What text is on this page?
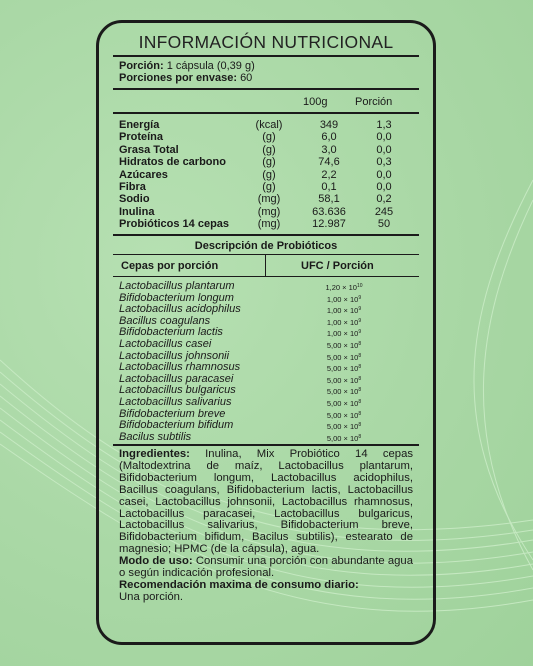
INFORMACIÓN NUTRICIONAL
Porción: 1 cápsula (0,39 g)
Porciones por envase: 60
100g	Porción
Energía	(kcal)	349	1,3
Proteína	(g)	6,0	0,0
Grasa Total	(g)	3,0	0,0
Hidratos de carbono	(g)	74,6	0,3
Azúcares	(g)	2,2	0,0
Fibra	(g)	0,1	0,0
Sodio	(mg)	58,1	0,2
Inulina	(mg)	63.636	245
Probióticos 14 cepas	(mg)	12.987	50
Descripción de Probióticos
Cepas por porción	UFC / Porción
Lactobacillus plantarum	$1,20 \times 10^{10}$
Bifidobacterium longum	$1,00 \times 10^9$
Lactobacillus acidophilus	$1,00 \times 10^9$
Bacillus coagulans	$1,00 \times 10^9$
Bifidobacterium lactis	$1,00 \times 10^9$
Lactobacillus casei	$5,00 \times 10^8$
Lactobacillus johnsonii	$5,00 \times 10^8$
Lactobacillus rhamnosus	$5,00 \times 10^8$
Lactobacillus paracasei	$5,00 \times 10^8$
Lactobacillus bulgaricus	$5,00 \times 10^8$
Lactobacillus salivarius	$5,00 \times 10^8$
Bifidobacterium breve	$5,00 \times 10^8$
Bifidobacterium bifidum	$5,00 \times 10^8$
Bacilus subtilis	$5,00 \times 10^8$
Ingredientes: Inulina, Mix Probiótico 14 cepas (Maltodextrina de maíz, Lactobacillus plantarum, Bifidobacterium longum, Lactobacillus acidophilus, Bacillus coagulans, Bifidobacterium lactis, Lactobacillus casei, Lactobacillus johnsonii, Lactobacillus rhamnosus, Lactobacillus paracasei, Lactobacillus bulgaricus, Lactobacillus salivarius, Bifidobacterium breve, Bifidobacterium bifidum, Bacilus subtilis), estearato de magnesio; HPMC (de la cápsula), agua.
Modo de uso: Consumir una porción con abundante agua o según indicación profesional.
Recomendación maxima de consumo diario:
Una porción.
